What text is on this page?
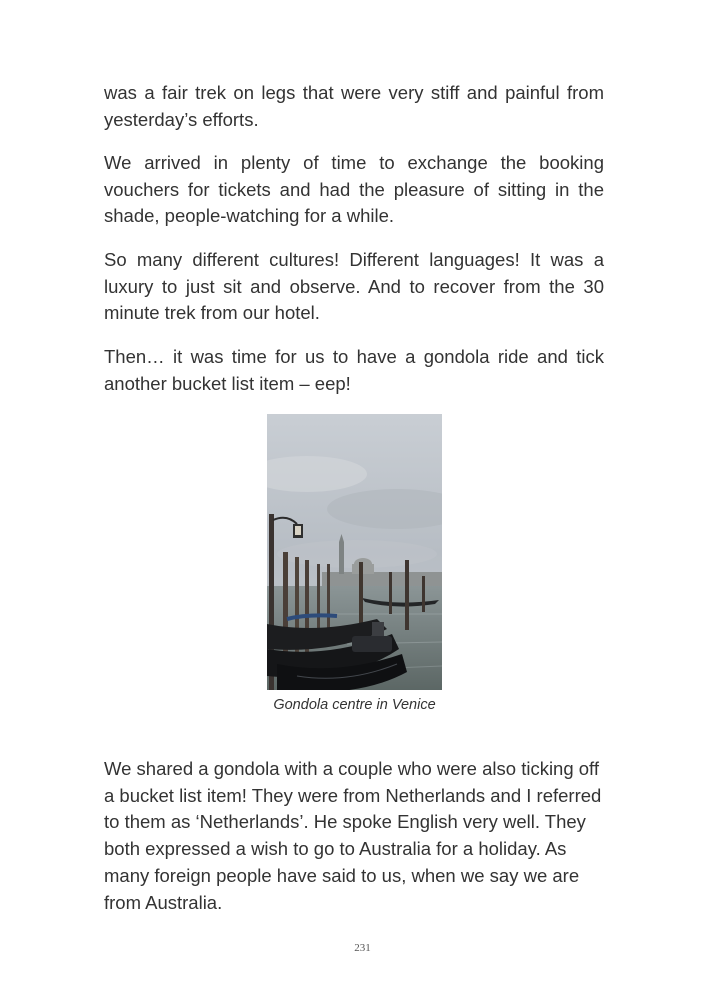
was a fair trek on legs that were very stiff and painful from yesterday’s efforts.

We arrived in plenty of time to exchange the booking vouchers for tickets and had the pleasure of sitting in the shade, people-watching for a while.

So many different cultures! Different languages! It was a luxury to just sit and observe. And to recover from the 30 minute trek from our hotel.

Then… it was time for us to have a gondola ride and tick another bucket list item – eep!

Gondola centre in Venice

We shared a gondola with a couple who were also ticking off a bucket list item! They were from Netherlands and I referred to them as ‘Netherlands’. He spoke English very well. They both expressed a wish to go to Australia for a holiday. As many foreign people have said to us, when we say we are from Australia.

231
